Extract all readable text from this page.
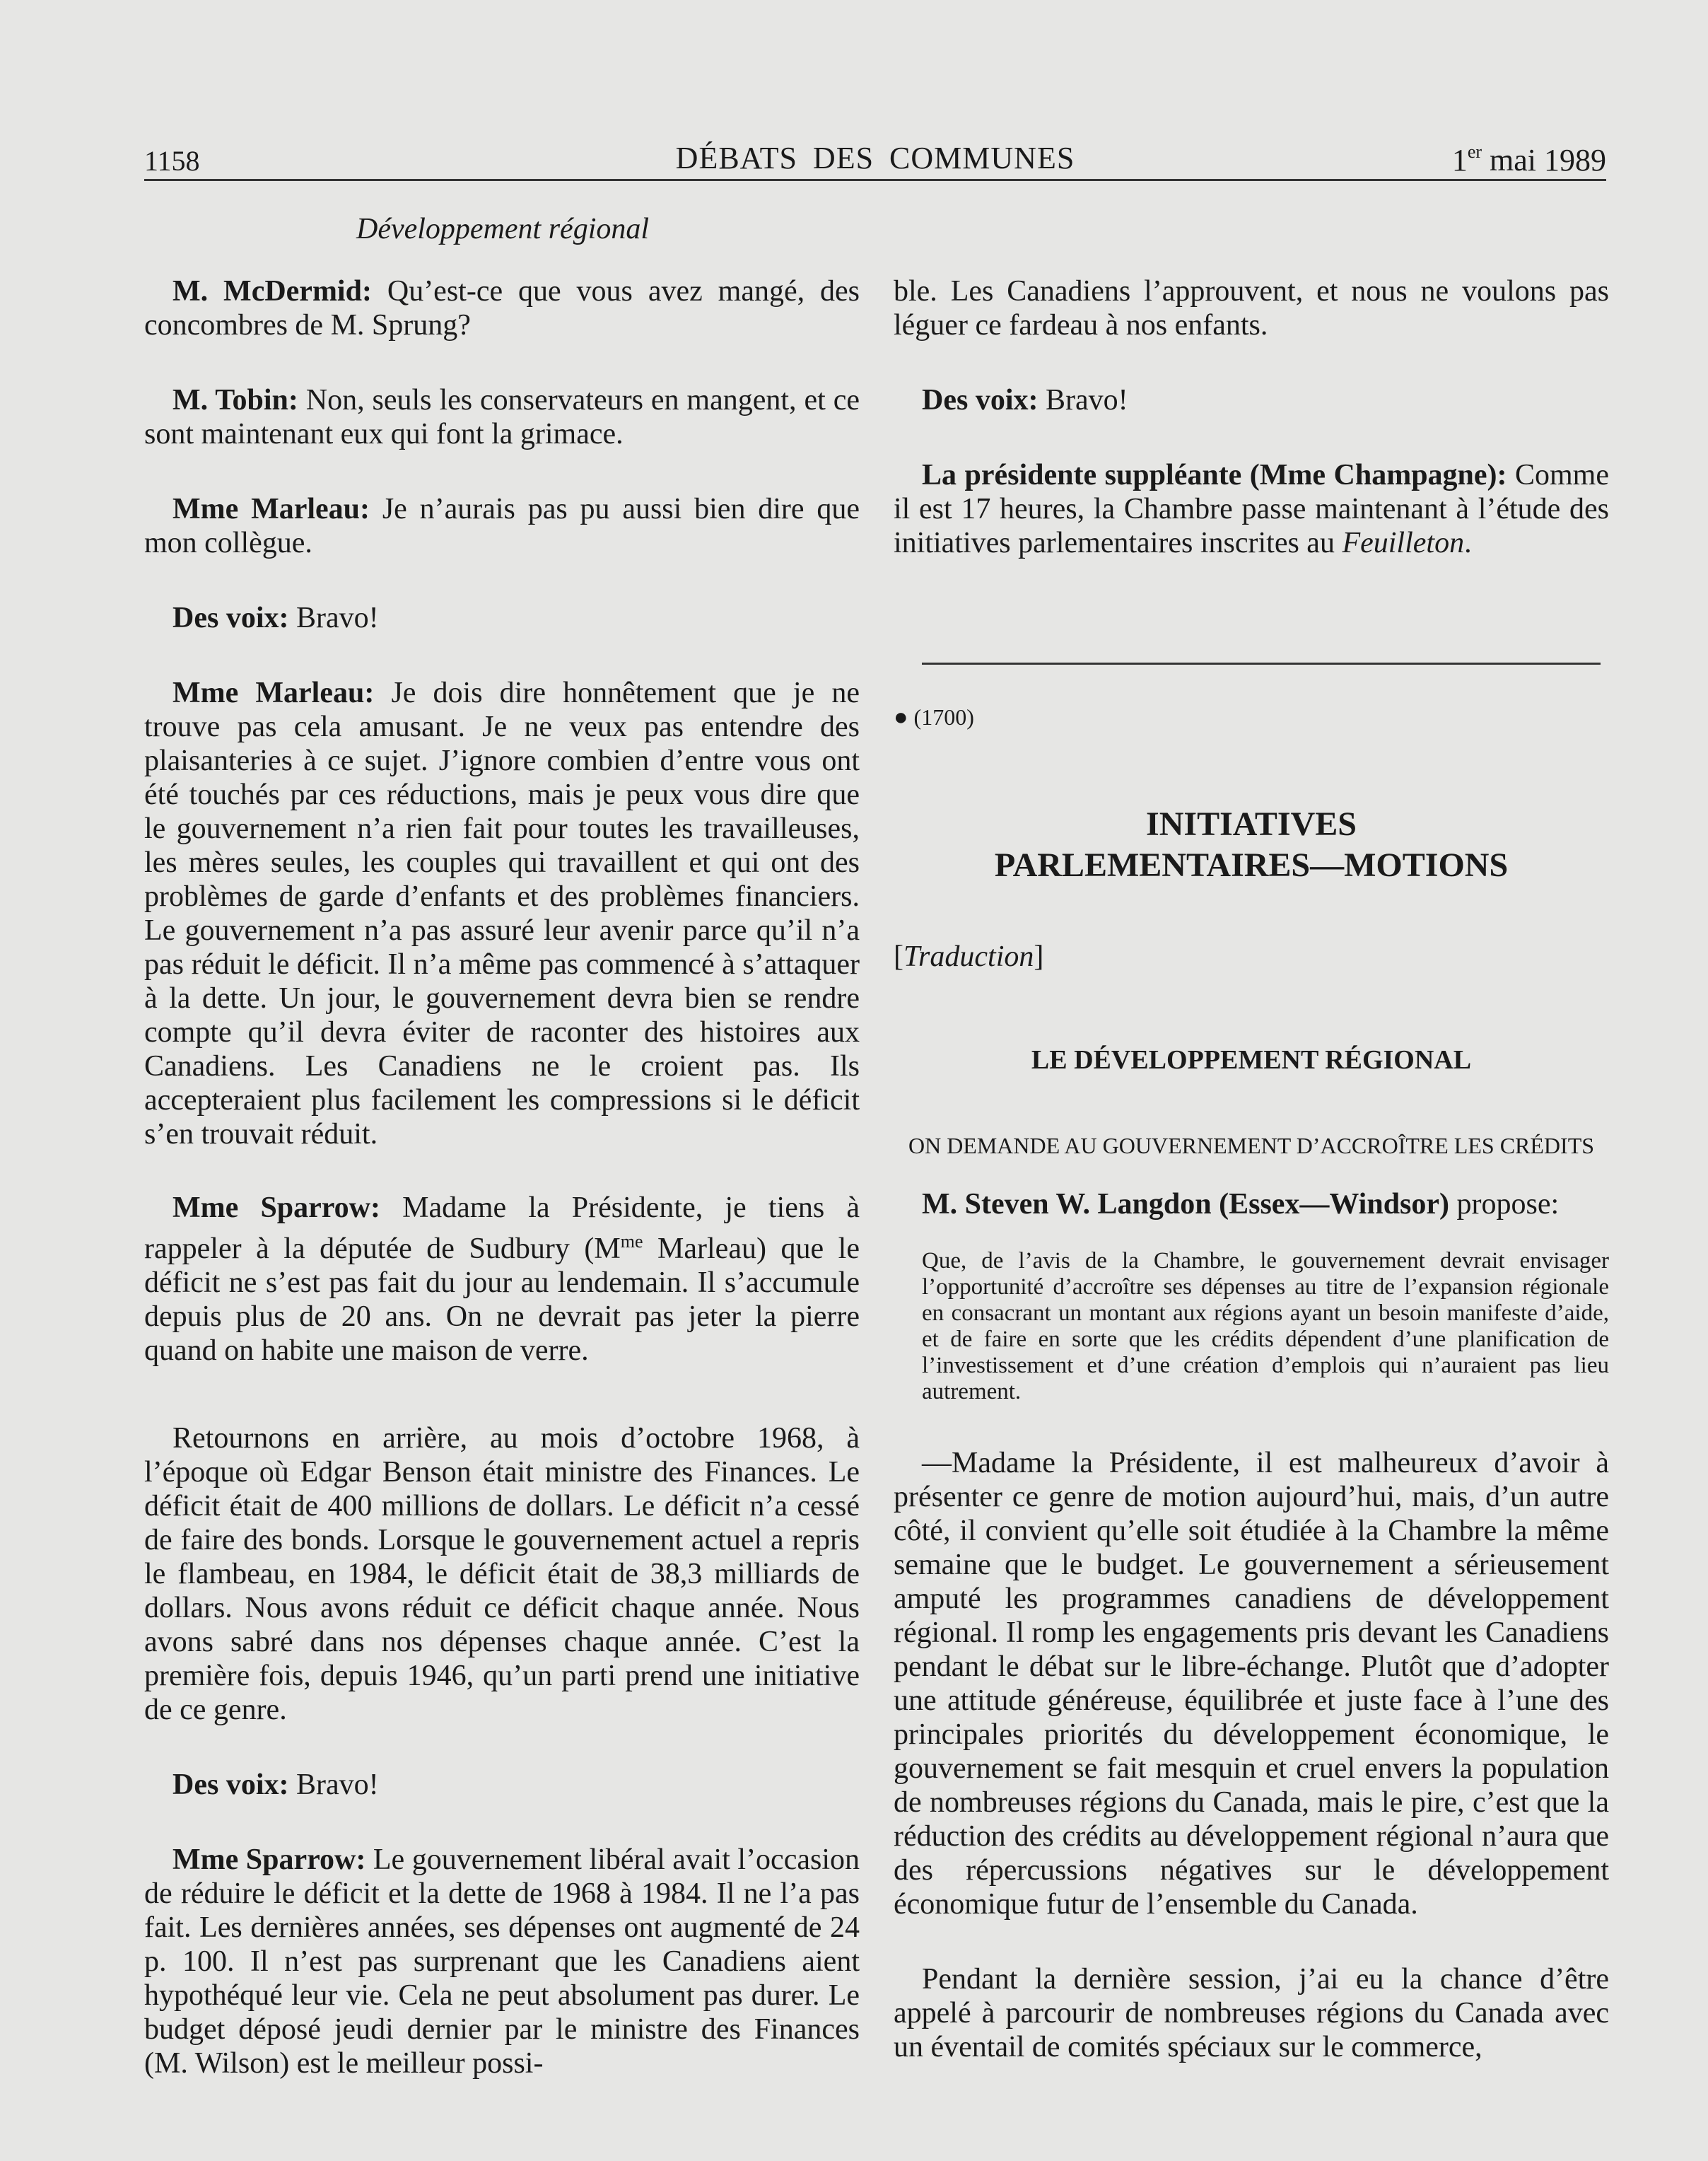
1158	DÉBATS DES COMMUNES	1er mai 1989

Développement régional

M. McDermid: Qu’est-ce que vous avez mangé, des concombres de M. Sprung?

M. Tobin: Non, seuls les conservateurs en mangent, et ce sont maintenant eux qui font la grimace.

Mme Marleau: Je n’aurais pas pu aussi bien dire que mon collègue.

Des voix: Bravo!

Mme Marleau: Je dois dire honnêtement que je ne trouve pas cela amusant. Je ne veux pas entendre des plaisanteries à ce sujet. J’ignore combien d’entre vous ont été touchés par ces réductions, mais je peux vous dire que le gouvernement n’a rien fait pour toutes les travailleuses, les mères seules, les couples qui travaillent et qui ont des problèmes de garde d’enfants et des problèmes financiers. Le gouvernement n’a pas assuré leur avenir parce qu’il n’a pas réduit le déficit. Il n’a même pas commencé à s’attaquer à la dette. Un jour, le gouvernement devra bien se rendre compte qu’il devra éviter de raconter des histoires aux Canadiens. Les Canadiens ne le croient pas. Ils accepteraient plus facilement les compressions si le déficit s’en trouvait réduit.

Mme Sparrow: Madame la Présidente, je tiens à rappeler à la députée de Sudbury ($M^{me}$ Marleau) que le déficit ne s’est pas fait du jour au lendemain. Il s’accumule depuis plus de 20 ans. On ne devrait pas jeter la pierre quand on habite une maison de verre.

Retournons en arrière, au mois d’octobre 1968, à l’époque où Edgar Benson était ministre des Finances. Le déficit était de 400 millions de dollars. Le déficit n’a cessé de faire des bonds. Lorsque le gouvernement actuel a repris le flambeau, en 1984, le déficit était de 38,3 milliards de dollars. Nous avons réduit ce déficit chaque année. Nous avons sabré dans nos dépenses chaque année. C’est la première fois, depuis 1946, qu’un parti prend une initiative de ce genre.

Des voix: Bravo!

Mme Sparrow: Le gouvernement libéral avait l’occasion de réduire le déficit et la dette de 1968 à 1984. Il ne l’a pas fait. Les dernières années, ses dépenses ont augmenté de 24 p. 100. Il n’est pas surprenant que les Canadiens aient hypothéqué leur vie. Cela ne peut absolument pas durer. Le budget déposé jeudi dernier par le ministre des Finances (M. Wilson) est le meilleur possi-

ble. Les Canadiens l’approuvent, et nous ne voulons pas léguer ce fardeau à nos enfants.

Des voix: Bravo!

La présidente suppléante (Mme Champagne): Comme il est 17 heures, la Chambre passe maintenant à l’étude des initiatives parlementaires inscrites au Feuilleton.

● (1700)
INITIATIVES
PARLEMENTAIRES—MOTIONS
[Traduction]
LE DÉVELOPPEMENT RÉGIONAL
ON DEMANDE AU GOUVERNEMENT D’ACCROÎTRE LES CRÉDITS

M. Steven W. Langdon (Essex—Windsor) propose:

Que, de l’avis de la Chambre, le gouvernement devrait envisager l’opportunité d’accroître ses dépenses au titre de l’expansion régionale en consacrant un montant aux régions ayant un besoin manifeste d’aide, et de faire en sorte que les crédits dépendent d’une planification de l’investissement et d’une création d’emplois qui n’auraient pas lieu autrement.

—Madame la Présidente, il est malheureux d’avoir à présenter ce genre de motion aujourd’hui, mais, d’un autre côté, il convient qu’elle soit étudiée à la Chambre la même semaine que le budget. Le gouvernement a sérieusement amputé les programmes canadiens de développement régional. Il romp les engagements pris devant les Canadiens pendant le débat sur le libre-échange. Plutôt que d’adopter une attitude généreuse, équilibrée et juste face à l’une des principales priorités du développement économique, le gouvernement se fait mesquin et cruel envers la population de nombreuses régions du Canada, mais le pire, c’est que la réduction des crédits au développement régional n’aura que des répercussions négatives sur le développement économique futur de l’ensemble du Canada.

Pendant la dernière session, j’ai eu la chance d’être appelé à parcourir de nombreuses régions du Canada avec un éventail de comités spéciaux sur le commerce,
